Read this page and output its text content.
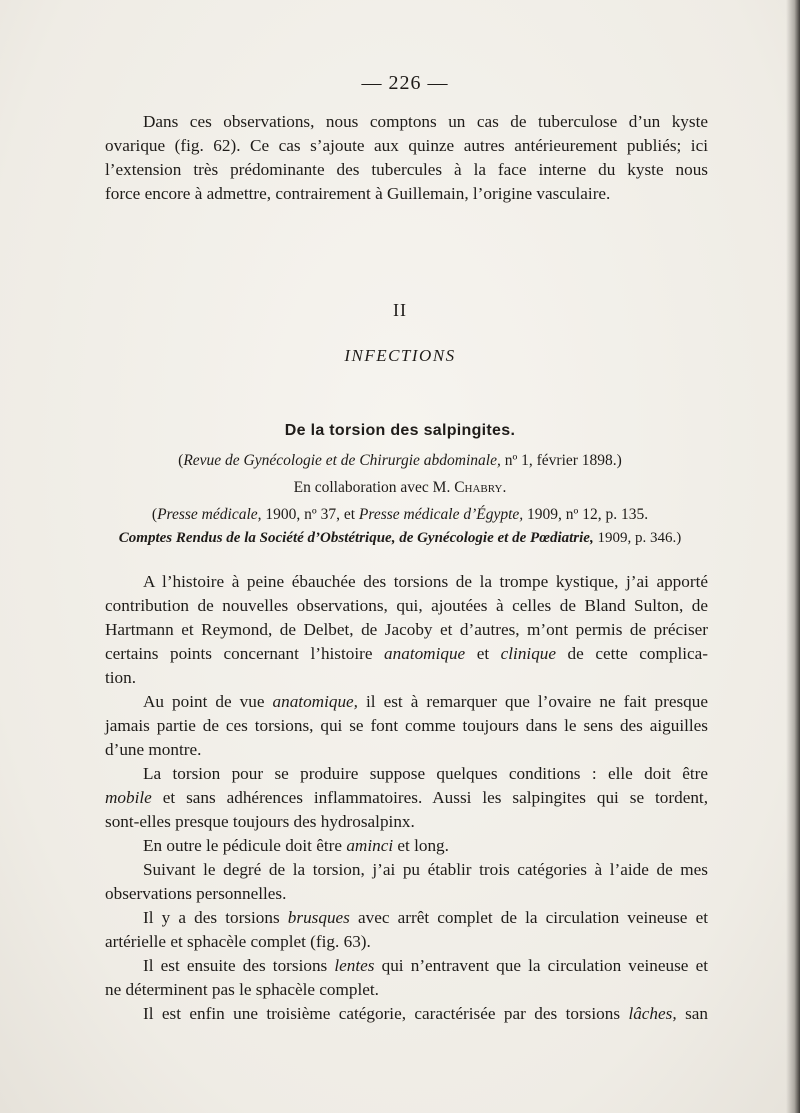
— 226 —
Dans ces observations, nous comptons un cas de tuberculose d’un kyste
ovarique (fig. 62). Ce cas s’ajoute aux quinze autres antérieurement publiés; ici
l’extension très prédominante des tubercules à la face interne du kyste nous
force encore à admettre, contrairement à Guillemain, l’origine vasculaire.
II
INFECTIONS
De la torsion des salpingites.
(Revue de Gynécologie et de Chirurgie abdominale, nº 1, février 1898.)
En collaboration avec M. Chabry.
(Presse médicale, 1900, nº 37, et Presse médicale d’Égypte, 1909, nº 12, p. 135.
Comptes Rendus de la Société d’Obstétrique, de Gynécologie et de Pœdiatrie, 1909, p. 346.)
A l’histoire à peine ébauchée des torsions de la trompe kystique, j’ai apporté
contribution de nouvelles observations, qui, ajoutées à celles de Bland Sulton, de
Hartmann et Reymond, de Delbet, de Jacoby et d’autres, m’ont permis de préciser
certains points concernant l’histoire anatomique et clinique de cette complica-
tion.
Au point de vue anatomique, il est à remarquer que l’ovaire ne fait presque
jamais partie de ces torsions, qui se font comme toujours dans le sens des aiguilles
d’une montre.
La torsion pour se produire suppose quelques conditions : elle doit être
mobile et sans adhérences inflammatoires. Aussi les salpingites qui se tordent,
sont-elles presque toujours des hydrosalpinx.
En outre le pédicule doit être aminci et long.
Suivant le degré de la torsion, j’ai pu établir trois catégories à l’aide de mes
observations personnelles.
Il y a des torsions brusques avec arrêt complet de la circulation veineuse et
artérielle et sphacèle complet (fig. 63).
Il est ensuite des torsions lentes qui n’entravent que la circulation veineuse et
ne déterminent pas le sphacèle complet.
Il est enfin une troisième catégorie, caractérisée par des torsions lâches, san
